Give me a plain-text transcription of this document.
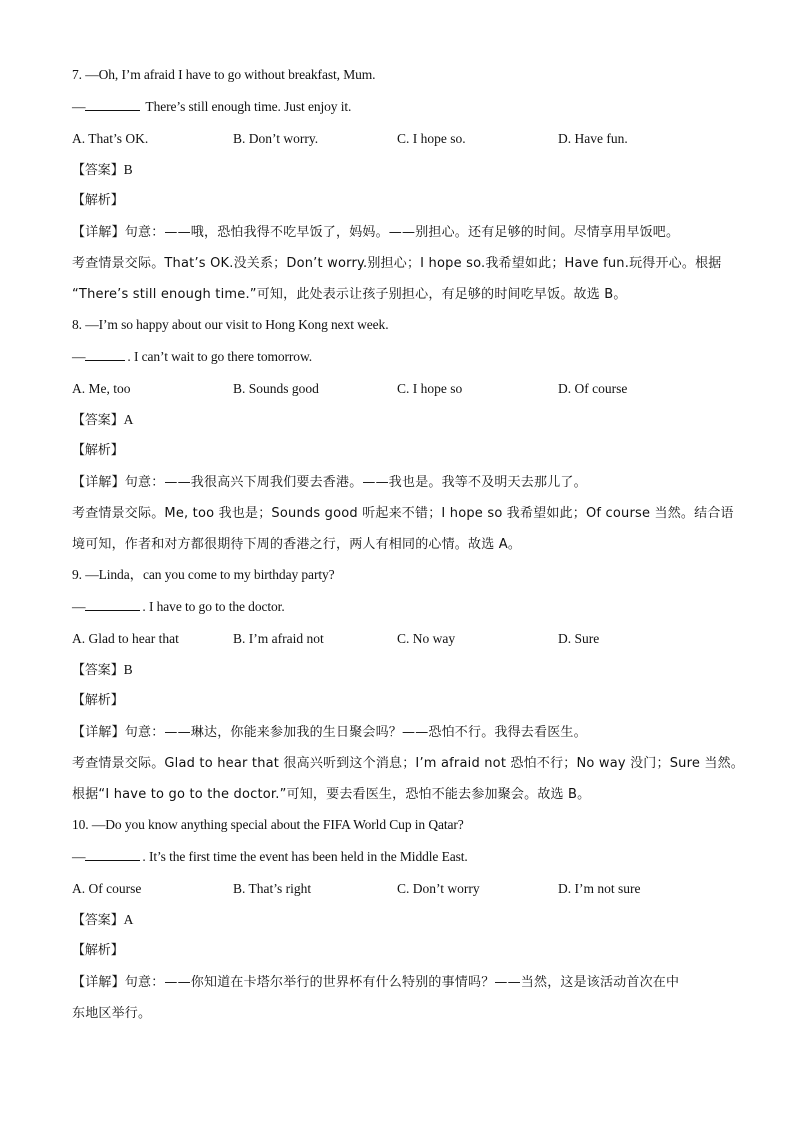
7. —Oh, I’m afraid I have to go without breakfast, Mum.
—	There’s still enough time. Just enjoy it.
A. That’s OK.	B. Don’t worry.	C. I hope so.	D. Have fun.
【答案】B
【解析】
【详解】句意：——哦，恐怕我得不吃早饭了，妈妈。——别担心。还有足够的时间。尽情享用早饭吧。
考查情景交际。That’s OK.没关系；Don’t worry.别担心；I hope so.我希望如此；Have fun.玩得开心。根据
“There’s still enough time.”可知，此处表示让孩子别担心，有足够的时间吃早饭。故选 B。
8. —I’m so happy about our visit to Hong Kong next week.
—	. I can’t wait to go there tomorrow.
A. Me, too	B. Sounds good	C. I hope so	D. Of course
【答案】A
【解析】
【详解】句意：——我很高兴下周我们要去香港。——我也是。我等不及明天去那儿了。
考查情景交际。Me, too 我也是；Sounds good 听起来不错；I hope so 我希望如此；Of course 当然。结合语
境可知，作者和对方都很期待下周的香港之行，两人有相同的心情。故选 A。
9. —Linda，can you come to my birthday party?
—	. I have to go to the doctor.
A. Glad to hear that	B. I’m afraid not	C. No way	D. Sure
【答案】B
【解析】
【详解】句意：——琳达，你能来参加我的生日聚会吗？——恐怕不行。我得去看医生。
考查情景交际。Glad to hear that 很高兴听到这个消息；I’m afraid not 恐怕不行；No way 没门；Sure 当然。
根据“I have to go to the doctor.”可知，要去看医生，恐怕不能去参加聚会。故选 B。
10. —Do you know anything special about the FIFA World Cup in Qatar?
—	. It’s the first time the event has been held in the Middle East.
A. Of course	B. That’s right	C. Don’t worry	D. I’m not sure
【答案】A
【解析】
【详解】句意：——你知道在卡塔尔举行的世界杯有什么特别的事情吗？——当然，这是该活动首次在中
东地区举行。
